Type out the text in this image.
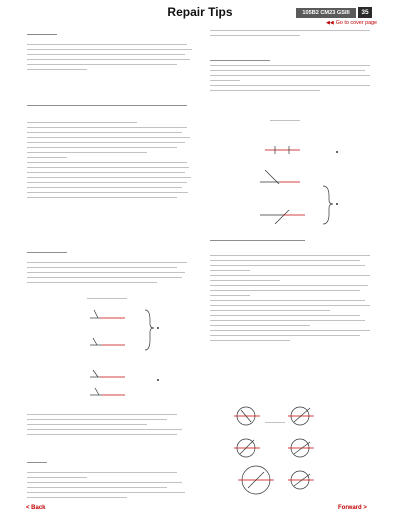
Repair Tips	105B2 CM23 GSIII	35
◀◀ Go to cover page
< Back	Forward >
